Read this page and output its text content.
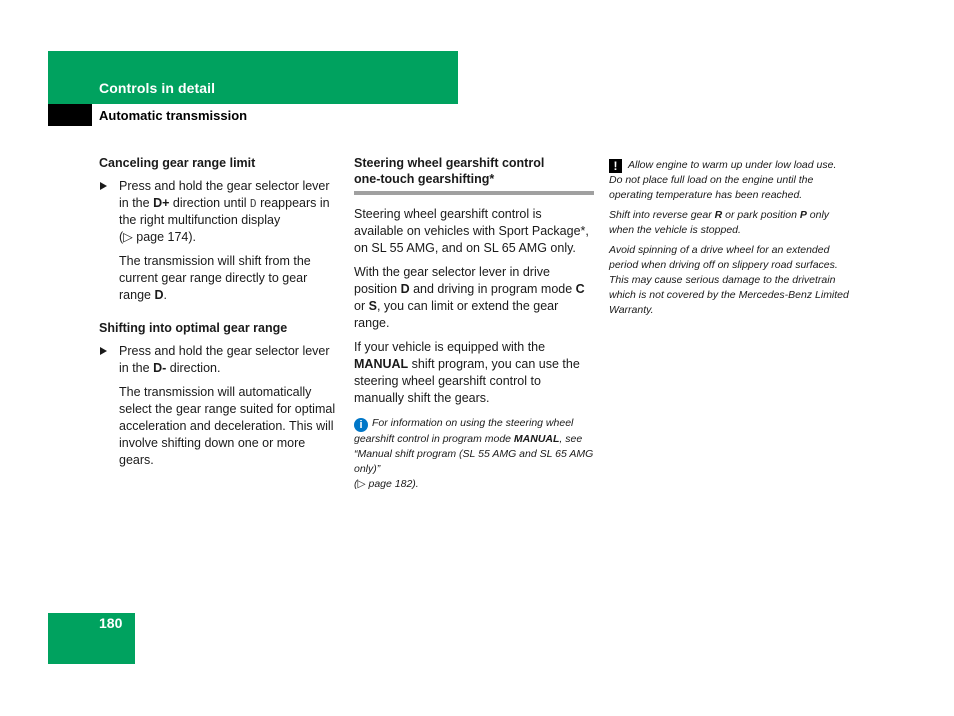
Controls in detail
Automatic transmission
Canceling gear range limit
Press and hold the gear selector lever in the D+ direction until D reappears in the right multifunction display
(▷ page 174).
The transmission will shift from the current gear range directly to gear range D.
Shifting into optimal gear range
Press and hold the gear selector lever in the D- direction.
The transmission will automatically select the gear range suited for optimal acceleration and deceleration. This will involve shifting down one or more gears.
Steering wheel gearshift control
one-touch gearshifting*
Steering wheel gearshift control is available on vehicles with Sport Package*, on SL 55 AMG, and on SL 65 AMG only.
With the gear selector lever in drive position D and driving in program mode C or S, you can limit or extend the gear range.
If your vehicle is equipped with the MANUAL shift program, you can use the steering wheel gearshift control to manually shift the gears.
i For information on using the steering wheel gearshift control in program mode MANUAL, see “Manual shift program (SL 55 AMG and SL 65 AMG only)”
(▷ page 182).
! Allow engine to warm up under low load use. Do not place full load on the engine until the operating temperature has been reached.
Shift into reverse gear R or park position P only when the vehicle is stopped.
Avoid spinning of a drive wheel for an extended period when driving off on slippery road surfaces. This may cause serious damage to the drivetrain which is not covered by the Mercedes-Benz Limited Warranty.
180
